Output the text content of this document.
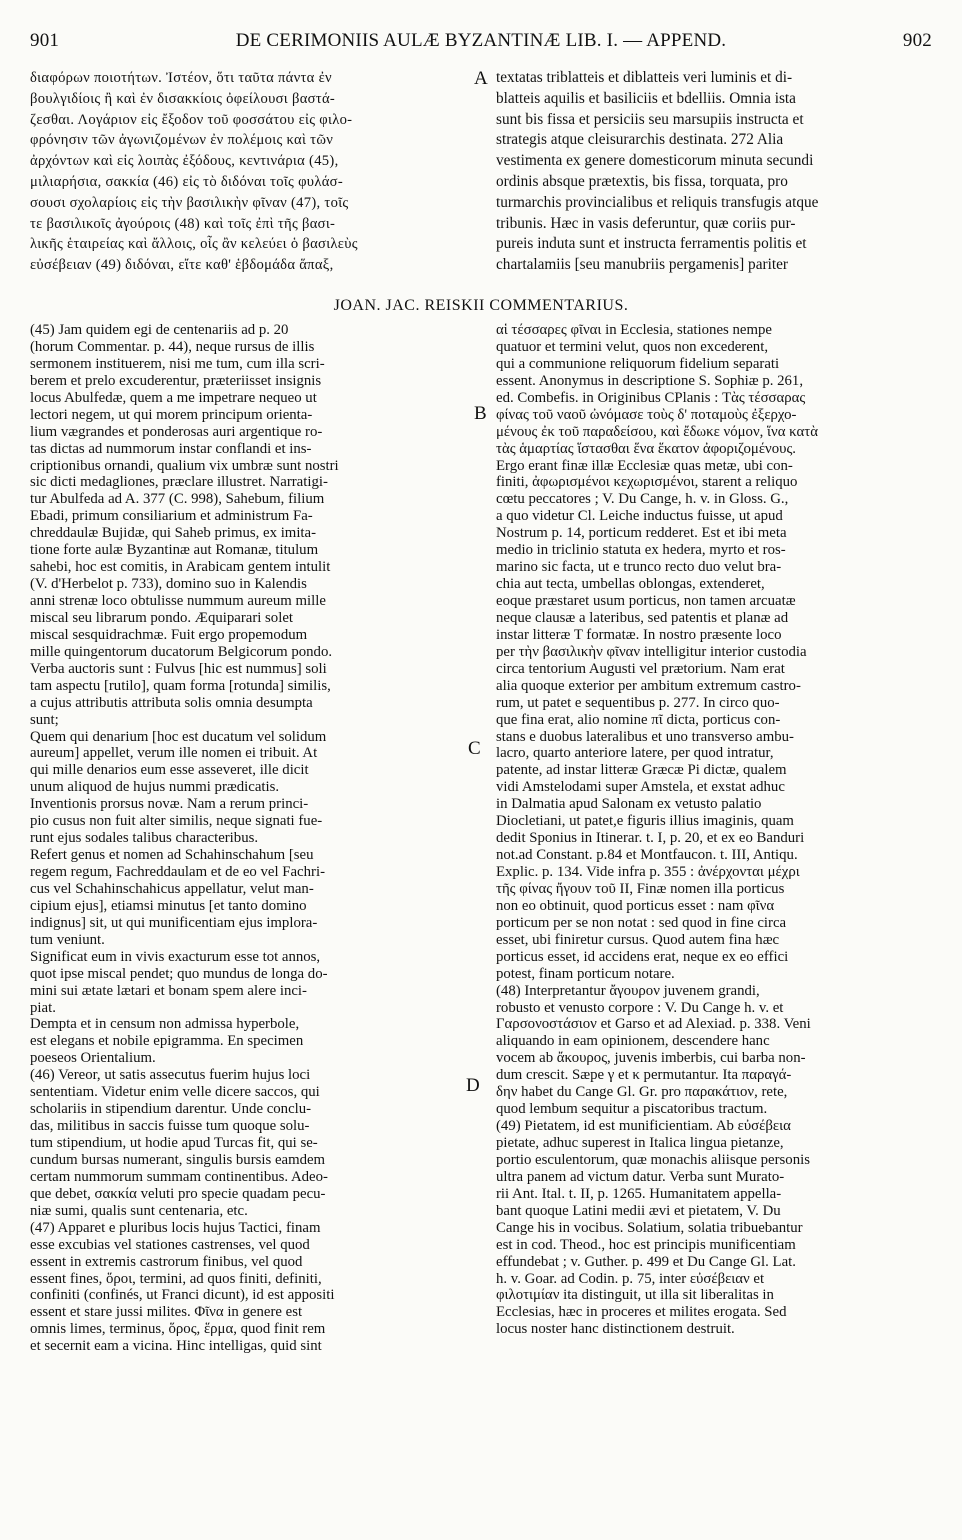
901	DE CERIMONIIS AULÆ BYZANTINÆ LIB. I. — APPEND.	902
A
B
C
D
διαφόρων ποιοτήτων. Ἰστέον, ὅτι ταῦτα πάντα ἐν
βουλγιδίοις ἢ καὶ ἐν δισακκίοις ὀφείλουσι βαστά-
ζεσθαι. Λογάριον εἰς ἔξοδον τοῦ φοσσάτου εἰς φιλο-
φρόνησιν τῶν ἀγωνιζομένων ἐν πολέμοις καὶ τῶν
ἀρχόντων καὶ εἰς λοιπὰς ἐξόδους, κεντινάρια (45),
μιλιαρήσια, σακκία (46) εἰς τὸ διδόναι τοῖς φυλάσ-
σουσι σχολαρίοις εἰς τὴν βασιλικὴν φῖναν (47), τοῖς
τε βασιλικοῖς ἀγούροις (48) καὶ τοῖς ἐπὶ τῆς βασι-
λικῆς ἑταιρείας καὶ ἄλλοις, οἷς ἂν κελεύει ὁ βασιλεὺς
εὐσέβειαν (49) διδόναι, εἴτε καθ' ἑβδομάδα ἅπαξ,
textatas triblatteis et diblatteis veri luminis et di-
blatteis aquilis et basiliciis et bdelliis. Omnia ista
sunt bis fissa et persiciis seu marsupiis instructa et
strategis atque cleisurarchis destinata. 272 Alia
vestimenta ex genere domesticorum minuta secundi
ordinis absque prætextis, bis fissa, torquata, pro
turmarchis provincialibus et reliquis transfugis atque
tribunis. Hæc in vasis deferuntur, quæ coriis pur-
pureis induta sunt et instructa ferramentis politis et
chartalamiis [seu manubriis pergamenis] pariter
JOAN. JAC. REISKII COMMENTARIUS.
(45) Jam quidem egi de centenariis ad p. 20
(horum Commentar. p. 44), neque rursus de illis
sermonem instituerem, nisi me tum, cum illa scri-
berem et prelo excuderentur, præteriisset insignis
locus Abulfedæ, quem a me impetrare nequeo ut
lectori negem, ut qui morem principum orienta-
lium vægrandes et ponderosas auri argentique ro-
tas dictas ad nummorum instar conflandi et ins-
criptionibus ornandi, qualium vix umbræ sunt nostri
sic dicti medagliones, præclare illustret. Narratigi-
tur Abulfeda ad A. 377 (C. 998), Sahebum, filium
Ebadi, primum consiliarium et administrum Fa-
chreddaulæ Bujidæ, qui Saheb primus, ex imita-
tione forte aulæ Byzantinæ aut Romanæ, titulum
sahebi, hoc est comitis, in Arabicam gentem intulit
(V. d'Herbelot p. 733), domino suo in Kalendis
anni strenæ loco obtulisse nummum aureum mille
miscal seu librarum pondo. Æquiparari solet
miscal sesquidrachmæ. Fuit ergo propemodum
mille quingentorum ducatorum Belgicorum pondo.
Verba auctoris sunt : Fulvus [hic est nummus] soli
tam aspectu [rutilo], quam forma [rotunda] similis,
a cujus attributis attributa solis omnia desumpta
sunt;
Quem qui denarium [hoc est ducatum vel solidum
aureum] appellet, verum ille nomen ei tribuit. At
qui mille denarios eum esse asseveret, ille dicit
unum aliquod de hujus nummi prædicatis.
Inventionis prorsus novæ. Nam a rerum princi-
pio cusus non fuit alter similis, neque signati fue-
runt ejus sodales talibus characteribus.
Refert genus et nomen ad Schahinschahum [seu
regem regum, Fachreddaulam et de eo vel Fachri-
cus vel Schahinschahicus appellatur, velut man-
cipium ejus], etiamsi minutus [et tanto domino
indignus] sit, ut qui munificentiam ejus implora-
tum veniunt.
Significat eum in vivis exacturum esse tot annos,
quot ipse miscal pendet; quo mundus de longa do-
mini sui ætate lætari et bonam spem alere inci-
piat.
Dempta et in censum non admissa hyperbole,
est elegans et nobile epigramma. En specimen
poeseos Orientalium.
(46) Vereor, ut satis assecutus fuerim hujus loci
sententiam. Videtur enim velle dicere saccos, qui
scholariis in stipendium darentur. Unde conclu-
das, militibus in saccis fuisse tum quoque solu-
tum stipendium, ut hodie apud Turcas fit, qui se-
cundum bursas numerant, singulis bursis eamdem
certam nummorum summam continentibus. Adeo-
que debet, σακκία veluti pro specie quadam pecu-
niæ sumi, qualis sunt centenaria, etc.
(47) Apparet e pluribus locis hujus Tactici, finam
esse excubias vel stationes castrenses, vel quod
essent in extremis castrorum finibus, vel quod
essent fines, ὅροι, termini, ad quos finiti, definiti,
confiniti (confinés, ut Franci dicunt), id est appositi
essent et stare jussi milites. Φῖνα in genere est
omnis limes, terminus, ὅρος, ἕρμα, quod finit rem
et secernit eam a vicina. Hinc intelligas, quid sint
αἱ τέσσαρες φῖναι in Ecclesia, stationes nempe
quatuor et termini velut, quos non excederent,
qui a communione reliquorum fidelium separati
essent. Anonymus in descriptione S. Sophiæ p. 261,
ed. Combefis. in Originibus CPlanis : Τὰς τέσσαρας
φίνας τοῦ ναοῦ ὠνόμασε τοὺς δ' ποταμοὺς ἐξερχο-
μένους ἐκ τοῦ παραδείσου, καὶ ἔδωκε νόμον, ἵνα κατὰ
τὰς ἁμαρτίας ἵστασθαι ἕνα ἕκατον ἀφοριζομένους.
Ergo erant finæ illæ Ecclesiæ quas metæ, ubi con-
finiti, ἀφωρισμένοι κεχωρισμένοι, starent a reliquo
cœtu peccatores ; V. Du Cange, h. v. in Gloss. G.,
a quo videtur Cl. Leiche inductus fuisse, ut apud
Nostrum p. 14, porticum redderet. Est et ibi meta
medio in triclinio statuta ex hedera, myrto et ros-
marino sic facta, ut e trunco recto duo velut bra-
chia aut tecta, umbellas oblongas, extenderet,
eoque præstaret usum porticus, non tamen arcuatæ
neque clausæ a lateribus, sed patentis et planæ ad
instar litteræ T formatæ. In nostro præsente loco
per τὴν βασιλικὴν φῖναν intelligitur interior custodia
circa tentorium Augusti vel prætorium. Nam erat
alia quoque exterior per ambitum extremum castro-
rum, ut patet e sequentibus p. 277. In circo quo-
que fina erat, alio nomine πῖ dicta, porticus con-
stans e duobus lateralibus et uno transverso ambu-
lacro, quarto anteriore latere, per quod intratur,
patente, ad instar litteræ Græcæ Pi dictæ, qualem
vidi Amstelodami super Amstela, et exstat adhuc
in Dalmatia apud Salonam ex vetusto palatio
Diocletiani, ut patet,e figuris illius imaginis, quam
dedit Sponius in Itinerar. t. I, p. 20, et ex eo Banduri
not.ad Constant. p.84 et Montfaucon. t. III, Antiqu.
Explic. p. 134. Vide infra p. 355 : ἀνέρχονται μέχρι
τῆς φίνας ἤγουν τοῦ II, Finæ nomen illa porticus
non eo obtinuit, quod porticus esset : nam φῖνα
porticum per se non notat : sed quod in fine circa
esset, ubi finiretur cursus. Quod autem fina hæc
porticus esset, id accidens erat, neque ex eo effici
potest, finam porticum notare.
(48) Interpretantur ἄγουρον juvenem grandi,
robusto et venusto corpore : V. Du Cange h. v. et
Γαρσονοστάσιον et Garso et ad Alexiad. p. 338. Veni
aliquando in eam opinionem, descendere hanc
vocem ab ἄκουρος, juvenis imberbis, cui barba non-
dum crescit. Sæpe γ et κ permutantur. Ita παραγά-
δην habet du Cange Gl. Gr. pro παρακάτιον, rete,
quod lembum sequitur a piscatoribus tractum.
(49) Pietatem, id est munificientiam. Ab εὐσέβεια
pietate, adhuc superest in Italica lingua pietanze,
portio esculentorum, quæ monachis aliisque personis
ultra panem ad victum datur. Verba sunt Murato-
rii Ant. Ital. t. II, p. 1265. Humanitatem appella-
bant quoque Latini medii ævi et pietatem, V. Du
Cange his in vocibus. Solatium, solatia tribuebantur
est in cod. Theod., hoc est principis munificentiam
effundebat ; v. Guther. p. 499 et Du Cange Gl. Lat.
h. v. Goar. ad Codin. p. 75, inter εὐσέβειαν et
φιλοτιμίαν ita distinguit, ut illa sit liberalitas in
Ecclesias, hæc in proceres et milites erogata. Sed
locus noster hanc distinctionem destruit.
